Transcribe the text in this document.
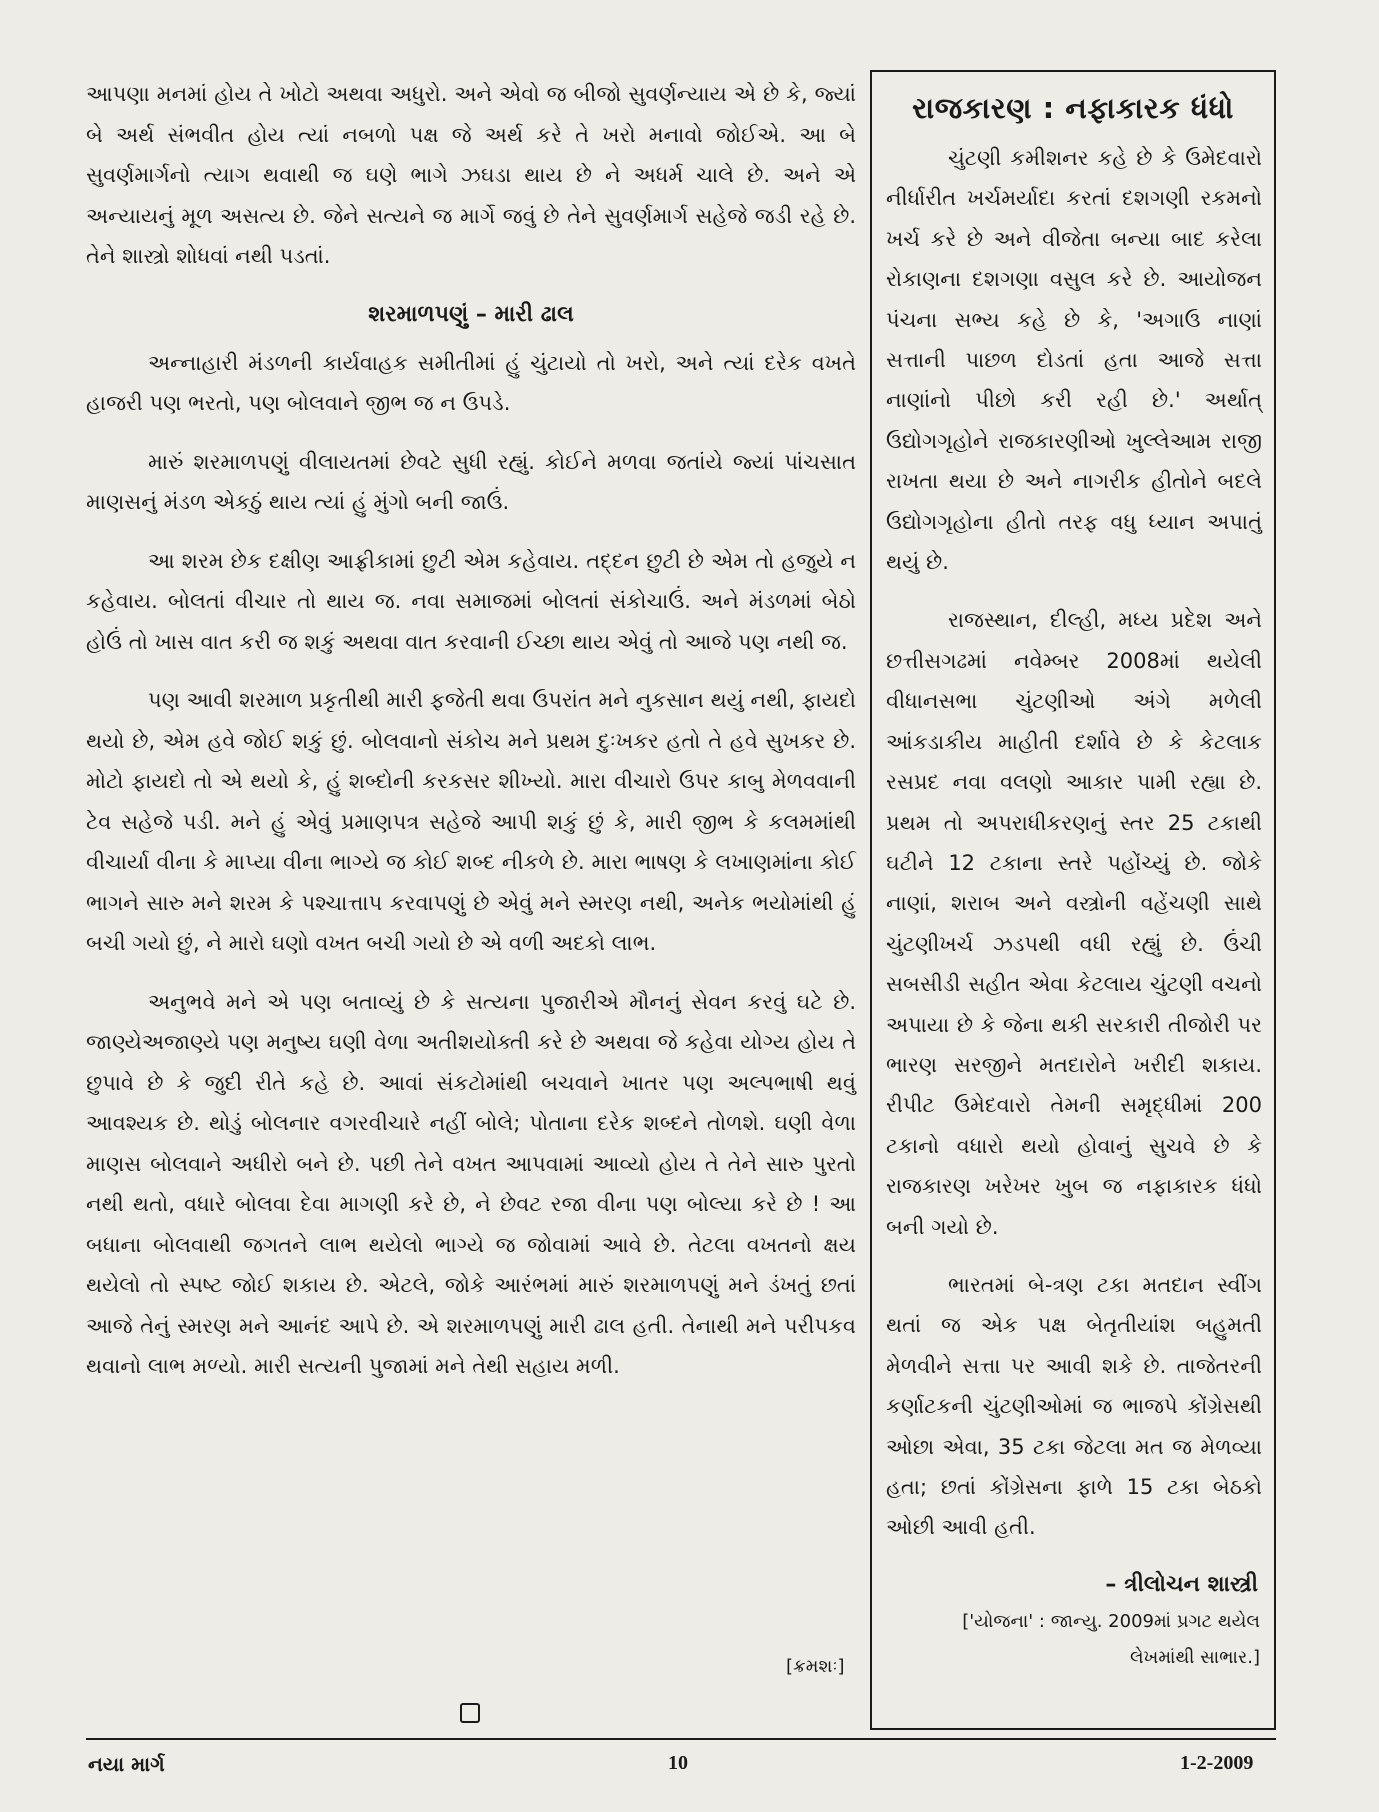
આપણા મનમાં હોય તે ખોટો અથવા અધુરો. અને એવો જ બીજો સુવર્ણન્યાય એ છે કે, જ્યાં બે અર્થ સંભવીત હોય ત્યાં નબળો પક્ષ જે અર્થ કરે તે ખરો મનાવો જોઈએ. આ બે સુવર્ણમાર્ગનો ત્યાગ થવાથી જ ઘણે ભાગે ઝઘડા થાય છે ને અધર્મ ચાલે છે. અને એ અન્યાયનું મૂળ અસત્ય છે. જેને સત્યને જ માર્ગે જવું છે તેને સુવર્ણમાર્ગ સહેજે જડી રહે છે. તેને શાસ્ત્રો શોધવાં નથી પડતાં.

શરમાળપણું – મારી ઢાલ

અન્નાહારી મંડળની કાર્યવાહક સમીતીમાં હું ચુંટાયો તો ખરો, અને ત્યાં દરેક વખતે હાજરી પણ ભરતો, પણ બોલવાને જીભ જ ન ઉપડે.

મારું શરમાળપણું વીલાયતમાં છેવટે સુધી રહ્યું. કોઈને મળવા જતાંયે જ્યાં પાંચસાત માણસનું મંડળ એકઠું થાય ત્યાં હું મુંગો બની જાઉં.

આ શરમ છેક દક્ષીણ આફ્રીકામાં છુટી એમ કહેવાય. તદ્દન છુટી છે એમ તો હજુયે ન કહેવાય. બોલતાં વીચાર તો થાય જ. નવા સમાજમાં બોલતાં સંકોચાઉં. અને મંડળમાં બેઠો હોઉં તો ખાસ વાત કરી જ શકું અથવા વાત કરવાની ઈચ્છા થાય એવું તો આજે પણ નથી જ.

પણ આવી શરમાળ પ્રકૃતીથી મારી ફજેતી થવા ઉપરાંત મને નુકસાન થયું નથી, ફાયદો થયો છે, એમ હવે જોઈ શકું છું. બોલવાનો સંકોચ મને પ્રથમ દુઃખકર હતો તે હવે સુખકર છે. મોટો ફાયદો તો એ થયો કે, હું શબ્દોની કરકસર શીખ્યો. મારા વીચારો ઉપર કાબુ મેળવવાની ટેવ સહેજે પડી. મને હું એવું પ્રમાણપત્ર સહેજે આપી શકું છું કે, મારી જીભ કે કલમમાંથી વીચાર્યા વીના કે માપ્યા વીના ભાગ્યે જ કોઈ શબ્દ નીકળે છે. મારા ભાષણ કે લખાણમાંના કોઈ ભાગને સારુ મને શરમ કે પશ્ચાત્તાપ કરવાપણું છે એવું મને સ્મરણ નથી, અનેક ભયોમાંથી હું બચી ગયો છું, ને મારો ઘણો વખત બચી ગયો છે એ વળી અદકો લાભ.

અનુભવે મને એ પણ બતાવ્યું છે કે સત્યના પુજારીએ મૌનનું સેવન કરવું ઘટે છે. જાણ્યેઅજાણ્યે પણ મનુષ્ય ઘણી વેળા અતીશયોક્તી કરે છે અથવા જે કહેવા યોગ્ય હોય તે છુપાવે છે કે જુદી રીતે કહે છે. આવાં સંકટોમાંથી બચવાને ખાતર પણ અલ્પભાષી થવું આવશ્યક છે. થોડું બોલનાર વગરવીચારે નહીં બોલે; પોતાના દરેક શબ્દને તોળશે. ઘણી વેળા માણસ બોલવાને અધીરો બને છે. પછી તેને વખત આપવામાં આવ્યો હોય તે તેને સારુ પુરતો નથી થતો, વધારે બોલવા દેવા માગણી કરે છે, ને છેવટ રજા વીના પણ બોલ્યા કરે છે ! આ બધાના બોલવાથી જગતને લાભ થયેલો ભાગ્યે જ જોવામાં આવે છે. તેટલા વખતનો ક્ષય થયેલો તો સ્પષ્ટ જોઈ શકાય છે. એટલે, જોકે આરંભમાં મારું શરમાળપણું મને ડંખતું છતાં આજે તેનું સ્મરણ મને આનંદ આપે છે. એ શરમાળપણું મારી ઢાલ હતી. તેનાથી મને પરીપકવ થવાનો લાભ મળ્યો. મારી સત્યની પુજામાં મને તેથી સહાય મળી.

[ક્રમશઃ]
રાજકારણ : નફાકારક ધંધો

ચુંટણી કમીશનર કહે છે કે ઉમેદવારો નીર્ધારીત ખર્ચમર્યાદા કરતાં દશગણી રકમનો ખર્ચ કરે છે અને વીજેતા બન્યા બાદ કરેલા રોકાણના દશગણા વસુલ કરે છે. આયોજન પંચના સભ્ય કહે છે કે, 'અગાઉ નાણાં સત્તાની પાછળ દોડતાં હતા આજે સત્તા નાણાંનો પીછો કરી રહી છે.' અર્થાત્ ઉદ્યોગગૃહોને રાજકારણીઓ ખુલ્લેઆમ રાજી રાખતા થયા છે અને નાગરીક હીતોને બદલે ઉદ્યોગગૃહોના હીતો તરફ વધુ ધ્યાન અપાતું થયું છે.

રાજસ્થાન, દીલ્હી, મધ્ય પ્રદેશ અને છત્તીસગઢમાં નવેમ્બર 2008માં થયેલી વીધાનસભા ચુંટણીઓ અંગે મળેલી આંકડાકીય માહીતી દર્શાવે છે કે કેટલાક રસપ્રદ નવા વલણો આકાર પામી રહ્યા છે. પ્રથમ તો અપરાધીકરણનું સ્તર 25 ટકાથી ઘટીને 12 ટકાના સ્તરે પહોંચ્યું છે. જોકે નાણાં, શરાબ અને વસ્ત્રોની વહેંચણી સાથે ચુંટણીખર્ચ ઝડપથી વધી રહ્યું છે. ઉંચી સબસીડી સહીત એવા કેટલાય ચુંટણી વચનો અપાયા છે કે જેના થકી સરકારી તીજોરી પર ભારણ સરજીને મતદારોને ખરીદી શકાય. રીપીટ ઉમેદવારો તેમની સમૃદ્ધીમાં 200 ટકાનો વધારો થયો હોવાનું સુચવે છે કે રાજકારણ ખરેખર ખુબ જ નફાકારક ધંધો બની ગયો છે.

ભારતમાં બે-ત્રણ ટકા મતદાન સ્વીંગ થતાં જ એક પક્ષ બેતૃતીયાંશ બહુમતી મેળવીને સત્તા પર આવી શકે છે. તાજેતરની કર્ણાટકની ચુંટણીઓમાં જ ભાજપે કોંગ્રેસથી ઓછા એવા, 35 ટકા જેટલા મત જ મેળવ્યા હતા; છતાં કોંગ્રેસના ફાળે 15 ટકા બેઠકો ઓછી આવી હતી.

– ત્રીલોચન શાસ્ત્રી
['યોજના' : જાન્યુ. 2009માં પ્રગટ થયેલ
લેખમાંથી સાભાર.]
નયા માર્ગ	10	1-2-2009
